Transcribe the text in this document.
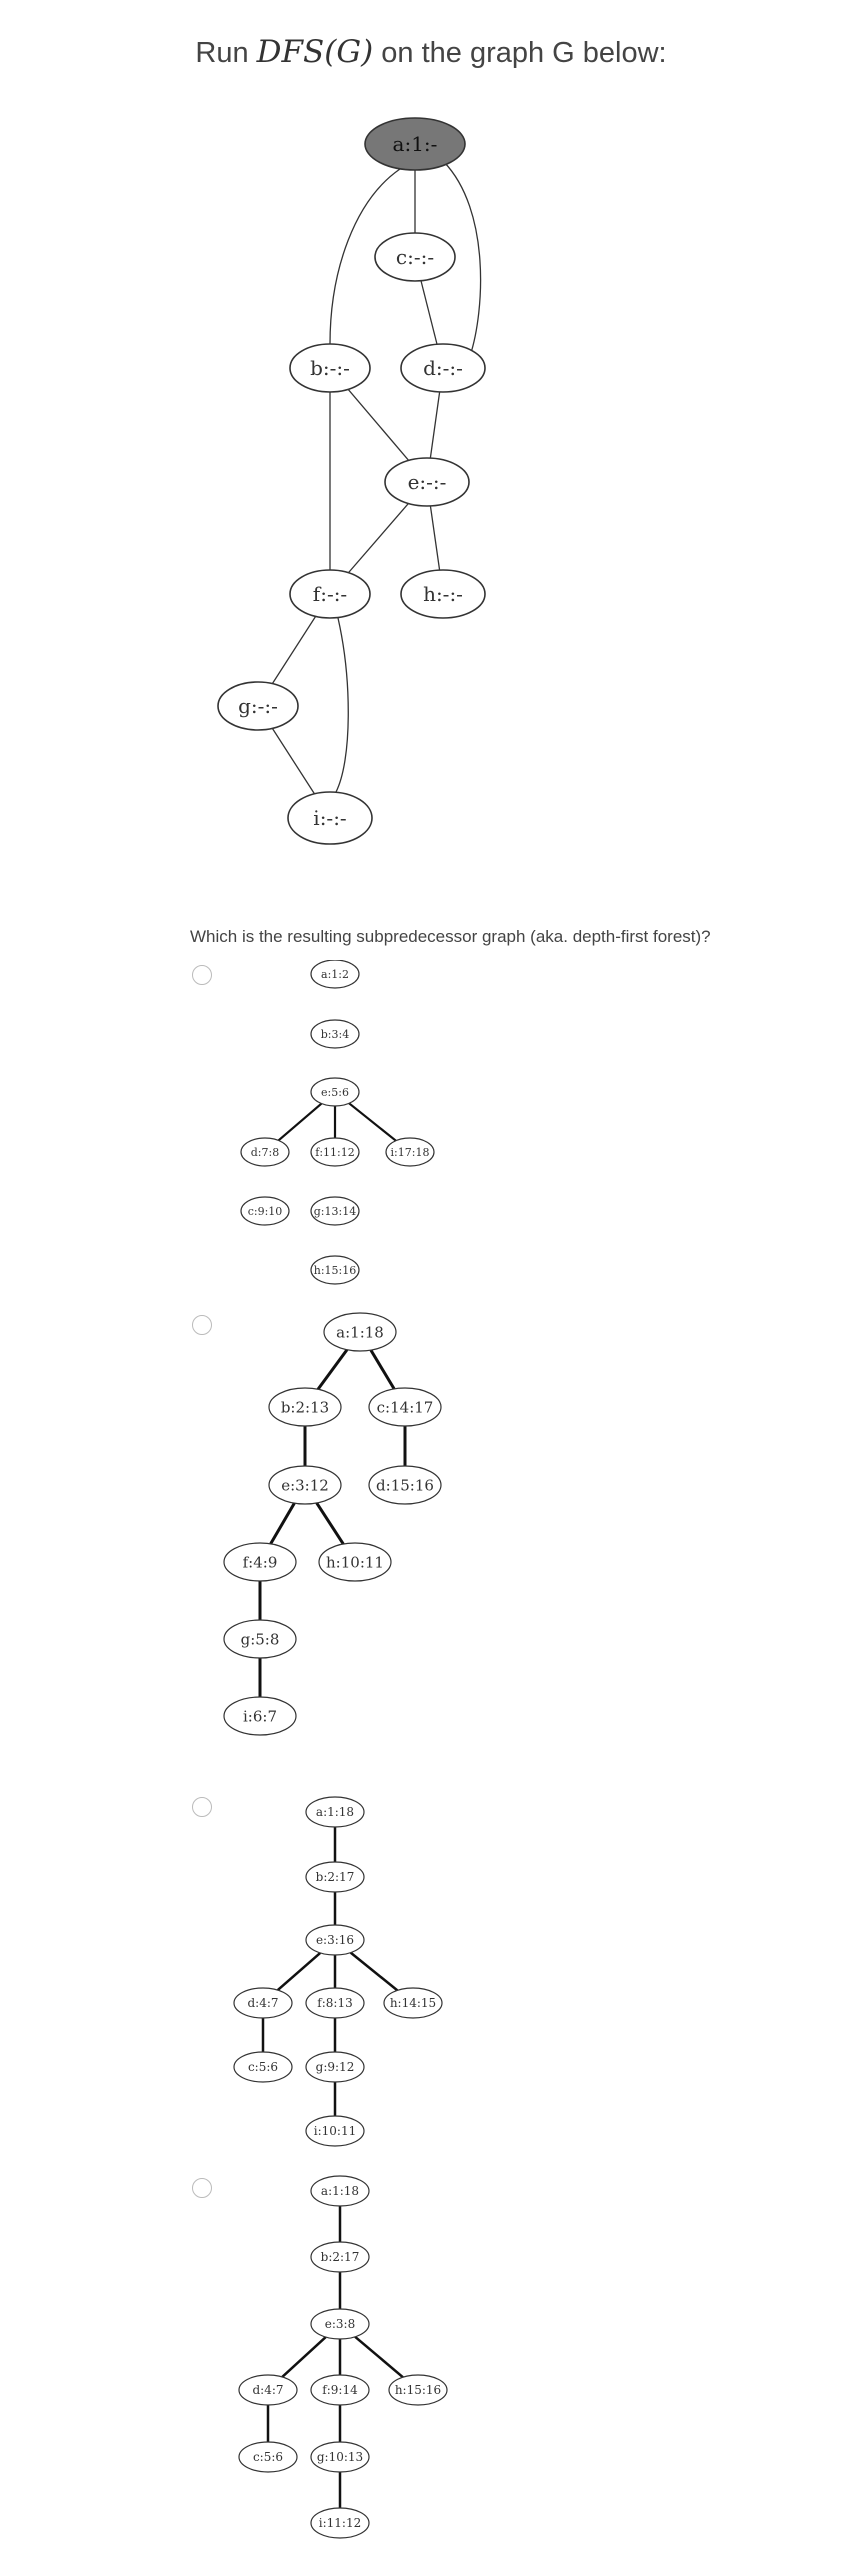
Run DFS(G) on the graph G below:
a:1:-
c:-:-
b:-:-	d:-:-
e:-:-
f:-:-	h:-:-
g:-:-
i:-:-
Which is the resulting subpredecessor graph (aka. depth-first forest)?
a:1:2
b:3:4
e:5:6
d:7:8	f:11:12	i:17:18
c:9:10	g:13:14
h:15:16
a:1:18
b:2:13	c:14:17
e:3:12	d:15:16
f:4:9	h:10:11
g:5:8
i:6:7
a:1:18
b:2:17
e:3:16
d:4:7	f:8:13	h:14:15
c:5:6	g:9:12
i:10:11
a:1:18
b:2:17
e:3:8
d:4:7	f:9:14	h:15:16
c:5:6	g:10:13
i:11:12
